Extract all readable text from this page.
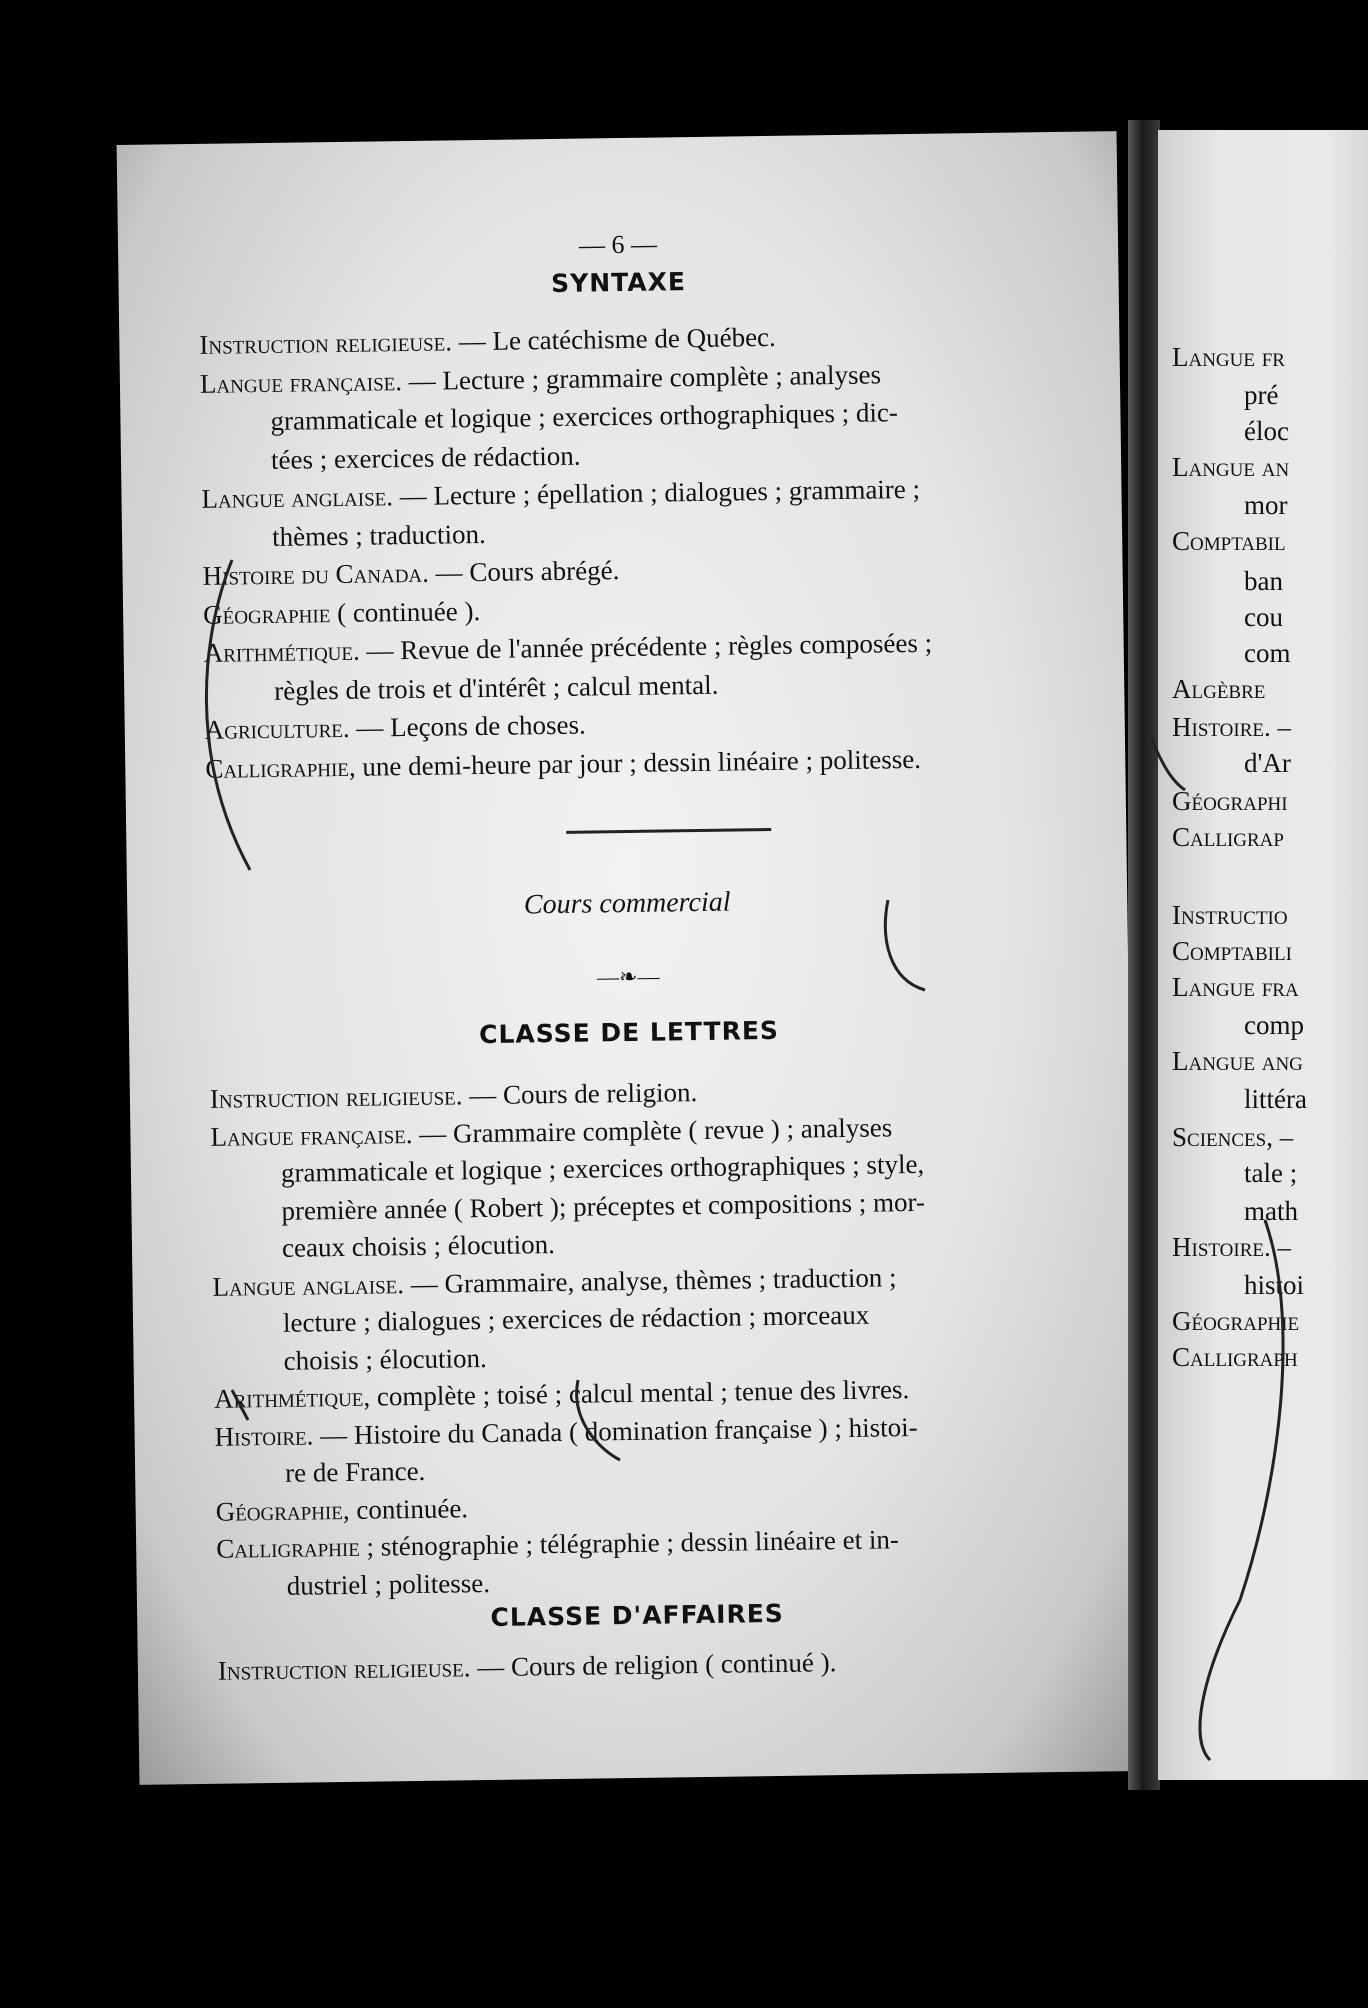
— 6 —
SYNTAXE
Instruction religieuse. — Le catéchisme de Québec.
Langue française. — Lecture ; grammaire complète ; analyses
grammaticale et logique ; exercices orthographiques ; dic-
tées ; exercices de rédaction.
Langue anglaise. — Lecture ; épellation ; dialogues ; grammaire ;
thèmes ; traduction.
Histoire du Canada. — Cours abrégé.
Géographie ( continuée ).
Arithmétique. — Revue de l'année précédente ; règles composées ;
règles de trois et d'intérêt ; calcul mental.
Agriculture. — Leçons de choses.
Calligraphie, une demi-heure par jour ; dessin linéaire ; politesse.
Cours commercial
—❧—
CLASSE DE LETTRES
Instruction religieuse. — Cours de religion.
Langue française. — Grammaire complète ( revue ) ; analyses
grammaticale et logique ; exercices orthographiques ; style,
première année ( Robert ); préceptes et compositions ; mor-
ceaux choisis ; élocution.
Langue anglaise. — Grammaire, analyse, thèmes ; traduction ;
lecture ; dialogues ; exercices de rédaction ; morceaux
choisis ; élocution.
Arithmétique, complète ; toisé ; calcul mental ; tenue des livres.
Histoire. — Histoire du Canada ( domination française ) ; histoi-
re de France.
Géographie, continuée.
Calligraphie ; sténographie ; télégraphie ; dessin linéaire et in-
dustriel ; politesse.
CLASSE D'AFFAIRES
Instruction religieuse. — Cours de religion ( continué ).
Langue fr
pré
éloc
Langue an
mor
Comptabil
ban
cou
com
Algèbre
Histoire. –
d'Ar
Géographi
Calligrap
Instructio
Comptabili
Langue fra
comp
Langue ang
littéra
Sciences, –
tale ;
math
Histoire. –
histoi
Géographie
Calligraph
